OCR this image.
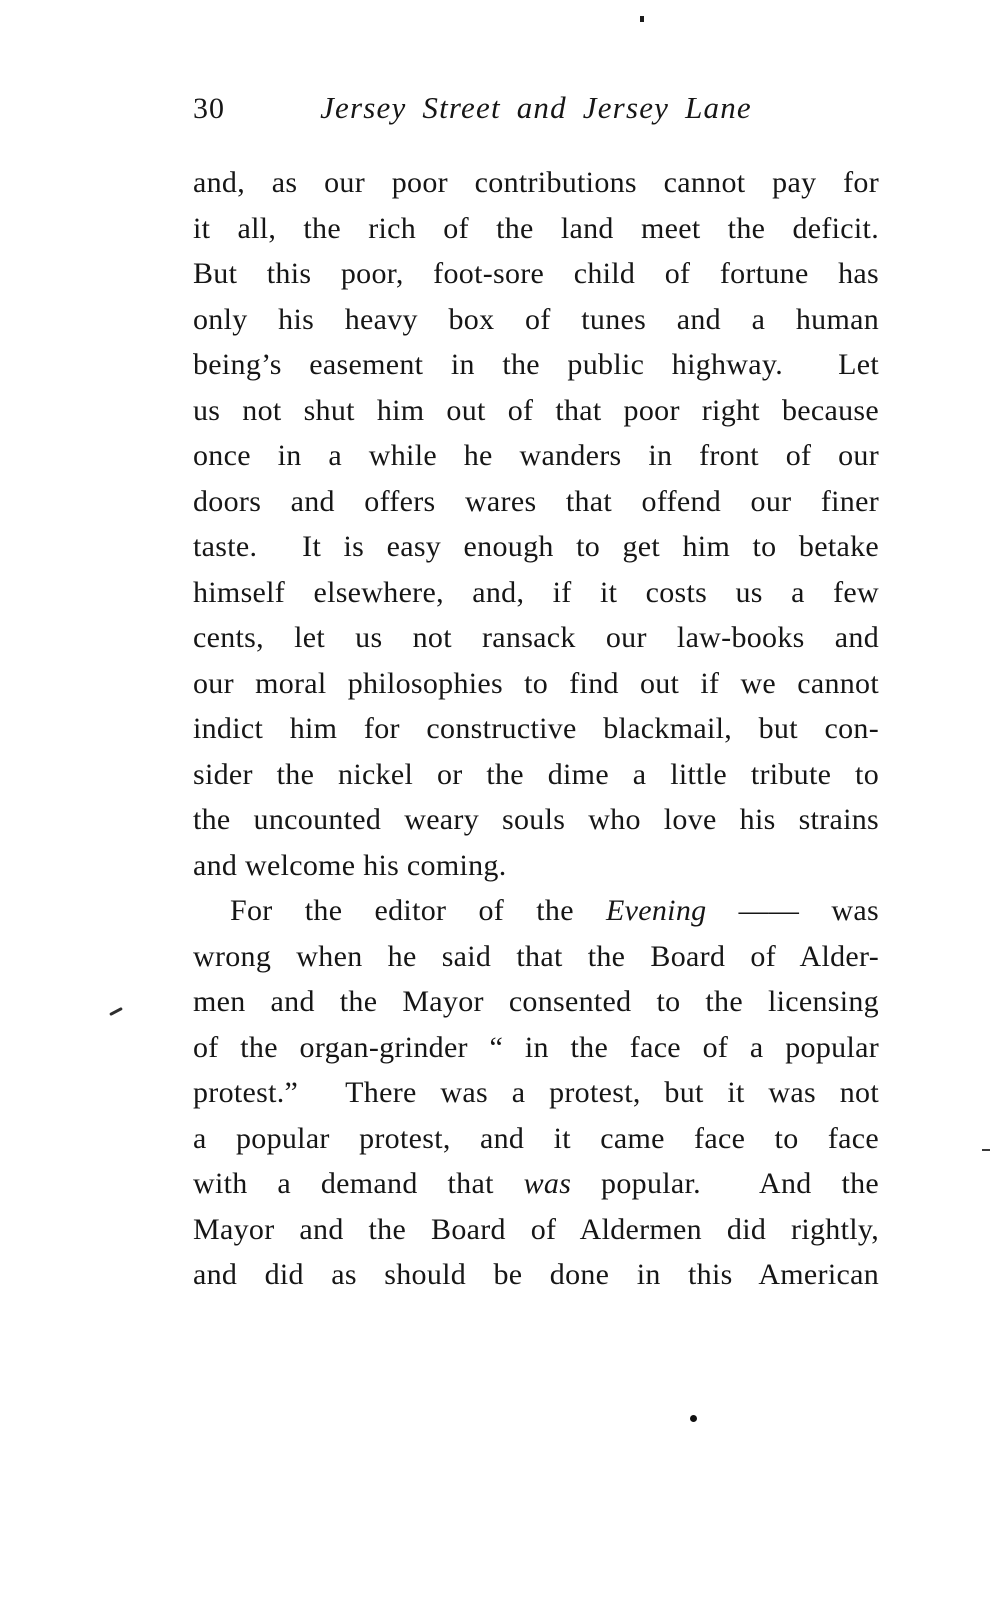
30	Jersey Street and Jersey Lane
and, as our poor contributions cannot pay for
it all, the rich of the land meet the deficit.
But this poor, foot-sore child of fortune has
only his heavy box of tunes and a human
being’s easement in the public highway.  Let
us not shut him out of that poor right because
once in a while he wanders in front of our
doors and offers wares that offend our finer
taste.  It is easy enough to get him to betake
himself elsewhere, and, if it costs us a few
cents, let us not ransack our law-books and
our moral philosophies to find out if we cannot
indict him for constructive blackmail, but con-
sider the nickel or the dime a little tribute to
the uncounted weary souls who love his strains
and welcome his coming.
For the editor of the Evening —— was
wrong when he said that the Board of Alder-
men and the Mayor consented to the licensing
of the organ-grinder “ in the face of a popular
protest.”  There was a protest, but it was not
a popular protest, and it came face to face
with a demand that was popular.  And the
Mayor and the Board of Aldermen did rightly,
and did as should be done in this American
